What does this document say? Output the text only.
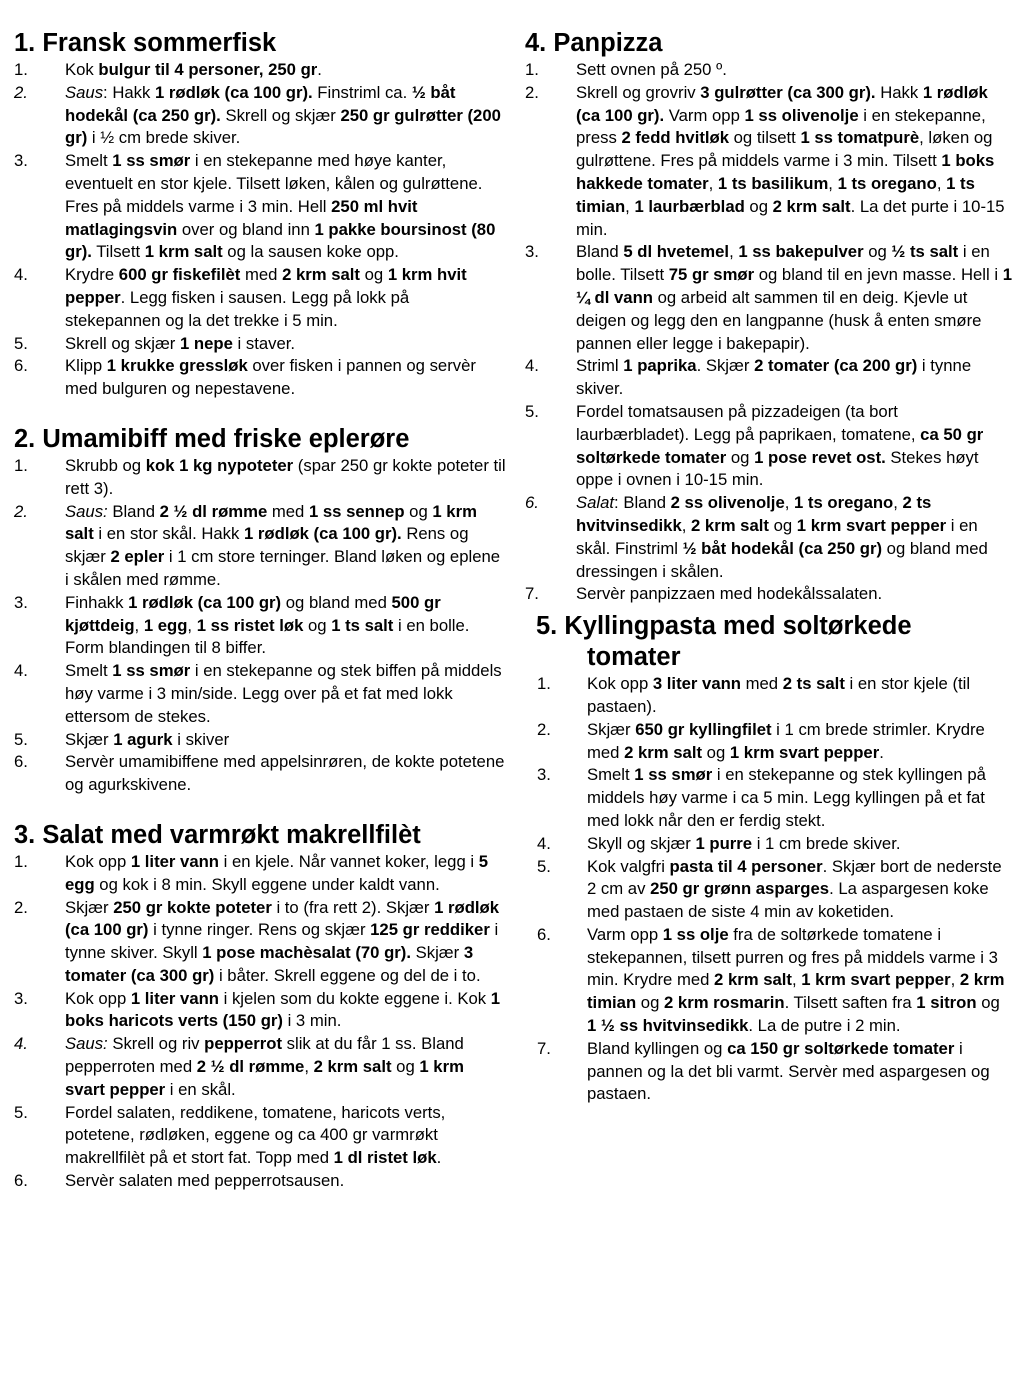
1. Fransk sommerfisk
1. Kok bulgur til 4 personer, 250 gr.
2. Saus: Hakk 1 rødløk (ca 100 gr). Finstriml ca. ½ båt hodekål (ca 250 gr). Skrell og skjær 250 gr gulrøtter (200 gr) i ½ cm brede skiver.
3. Smelt 1 ss smør i en stekepanne med høye kanter, eventuelt en stor kjele. Tilsett løken, kålen og gulrøttene. Fres på middels varme i 3 min. Hell 250 ml hvit matlagingsvin over og bland inn 1 pakke boursinost (80 gr). Tilsett 1 krm salt og la sausen koke opp.
4. Krydre 600 gr fiskefilèt med 2 krm salt og 1 krm hvit pepper. Legg fisken i sausen. Legg på lokk på stekepannen og la det trekke i 5 min.
5. Skrell og skjær 1 nepe i staver.
6. Klipp 1 krukke gressløk over fisken i pannen og servèr med bulguren og nepestavene.
2. Umamibiff med friske eplerøre
1. Skrubb og kok 1 kg nypoteter (spar 250 gr kokte poteter til rett 3).
2. Saus: Bland 2 ½ dl rømme med 1 ss sennep og 1 krm salt i en stor skål. Hakk 1 rødløk (ca 100 gr). Rens og skjær 2 epler i 1 cm store terninger. Bland løken og eplene i skålen med rømme.
3. Finhakk 1 rødløk (ca 100 gr) og bland med 500 gr kjøttdeig, 1 egg, 1 ss ristet løk og 1 ts salt i en bolle. Form blandingen til 8 biffer.
4. Smelt 1 ss smør i en stekepanne og stek biffen på middels høy varme i 3 min/side. Legg over på et fat med lokk ettersom de stekes.
5. Skjær 1 agurk i skiver
6. Servèr umamibiffene med appelsinrøren, de kokte potetene og agurkskivene.
3. Salat med varmrøkt makrellfilèt
1. Kok opp 1 liter vann i en kjele. Når vannet koker, legg i 5 egg og kok i 8 min. Skyll eggene under kaldt vann.
2. Skjær 250 gr kokte poteter i to (fra rett 2). Skjær 1 rødløk (ca 100 gr) i tynne ringer. Rens og skjær 125 gr reddiker i tynne skiver. Skyll 1 pose machèsalat (70 gr). Skjær 3 tomater (ca 300 gr) i båter. Skrell eggene og del de i to.
3. Kok opp 1 liter vann i kjelen som du kokte eggene i. Kok 1 boks haricots verts (150 gr) i 3 min.
4. Saus: Skrell og riv pepperrot slik at du får 1 ss. Bland pepperroten med 2 ½ dl rømme, 2 krm salt og 1 krm svart pepper i en skål.
5. Fordel salaten, reddikene, tomatene, haricots verts, potetene, rødløken, eggene og ca 400 gr varmrøkt makrellfilèt på et stort fat. Topp med 1 dl ristet løk.
6. Servèr salaten med pepperrotsausen.
4. Panpizza
1. Sett ovnen på 250 º.
2. Skrell og grovriv 3 gulrøtter (ca 300 gr). Hakk 1 rødløk (ca 100 gr). Varm opp 1 ss olivenolje i en stekepanne, press 2 fedd hvitløk og tilsett 1 ss tomatpurè, løken og gulrøttene. Fres på middels varme i 3 min. Tilsett 1 boks hakkede tomater, 1 ts basilikum, 1 ts oregano, 1 ts timian, 1 laurbærblad og 2 krm salt. La det purte i 10-15 min.
3. Bland 5 dl hvetemel, 1 ss bakepulver og ½ ts salt i en bolle. Tilsett 75 gr smør og bland til en jevn masse. Hell i 1 ¼ dl vann og arbeid alt sammen til en deig. Kjevle ut deigen og legg den en langpanne (husk å enten smøre pannen eller legge i bakepapir).
4. Striml 1 paprika. Skjær 2 tomater (ca 200 gr) i tynne skiver.
5. Fordel tomatsausen på pizzadeigen (ta bort laurbærbladet). Legg på paprikaen, tomatene, ca 50 gr soltørkede tomater og 1 pose revet ost. Stekes høyt oppe i ovnen i 10-15 min.
6. Salat: Bland 2 ss olivenolje, 1 ts oregano, 2 ts hvitvinsedikk, 2 krm salt og 1 krm svart pepper i en skål. Finstriml ½ båt hodekål (ca 250 gr) og bland med dressingen i skålen.
7. Servèr panpizzaen med hodekålssalaten.
5. Kyllingpasta med soltørkede
tomater
1. Kok opp 3 liter vann med 2 ts salt i en stor kjele (til pastaen).
2. Skjær 650 gr kyllingfilet i 1 cm brede strimler. Krydre med 2 krm salt og 1 krm svart pepper.
3. Smelt 1 ss smør i en stekepanne og stek kyllingen på middels høy varme i ca 5 min. Legg kyllingen på et fat med lokk når den er ferdig stekt.
4. Skyll og skjær 1 purre i 1 cm brede skiver.
5. Kok valgfri pasta til 4 personer. Skjær bort de nederste 2 cm av 250 gr grønn asparges. La aspargesen koke med pastaen de siste 4 min av koketiden.
6. Varm opp 1 ss olje fra de soltørkede tomatene i stekepannen, tilsett purren og fres på middels varme i 3 min. Krydre med 2 krm salt, 1 krm svart pepper, 2 krm timian og 2 krm rosmarin. Tilsett saften fra 1 sitron og 1 ½ ss hvitvinsedikk. La de putre i 2 min.
7. Bland kyllingen og ca 150 gr soltørkede tomater i pannen og la det bli varmt. Servèr med aspargesen og pastaen.
